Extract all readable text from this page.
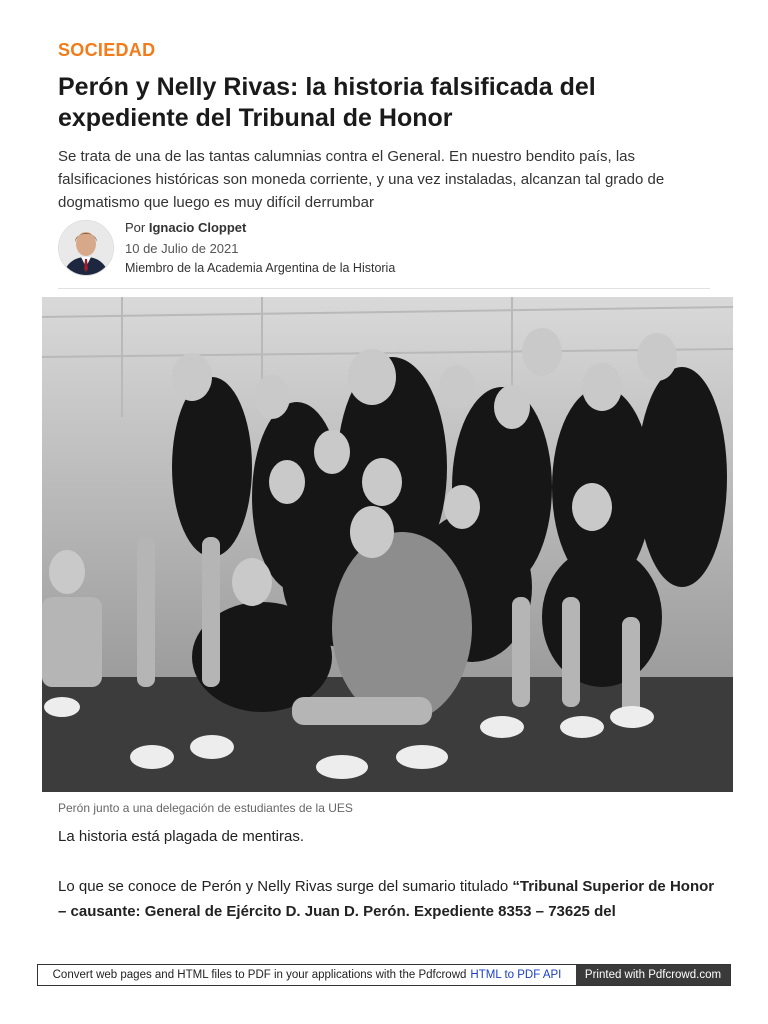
SOCIEDAD
Perón y Nelly Rivas: la historia falsificada del expediente del Tribunal de Honor

Se trata de una de las tantas calumnias contra el General. En nuestro bendito país, las falsificaciones históricas son moneda corriente, y una vez instaladas, alcanzan tal grado de dogmatismo que luego es muy difícil derrumbar

Por Ignacio Cloppet
10 de Julio de 2021
Miembro de la Academia Argentina de la Historia
Perón junto a una delegación de estudiantes de la UES
La historia está plagada de mentiras.

Lo que se conoce de Perón y Nelly Rivas surge del sumario titulado “Tribunal Superior de Honor – causante: General de Ejército D. Juan D. Perón. Expediente 8353 – 73625 del

Convert web pages and HTML files to PDF in your applications with the Pdfcrowd HTML to PDF API	Printed with Pdfcrowd.com
